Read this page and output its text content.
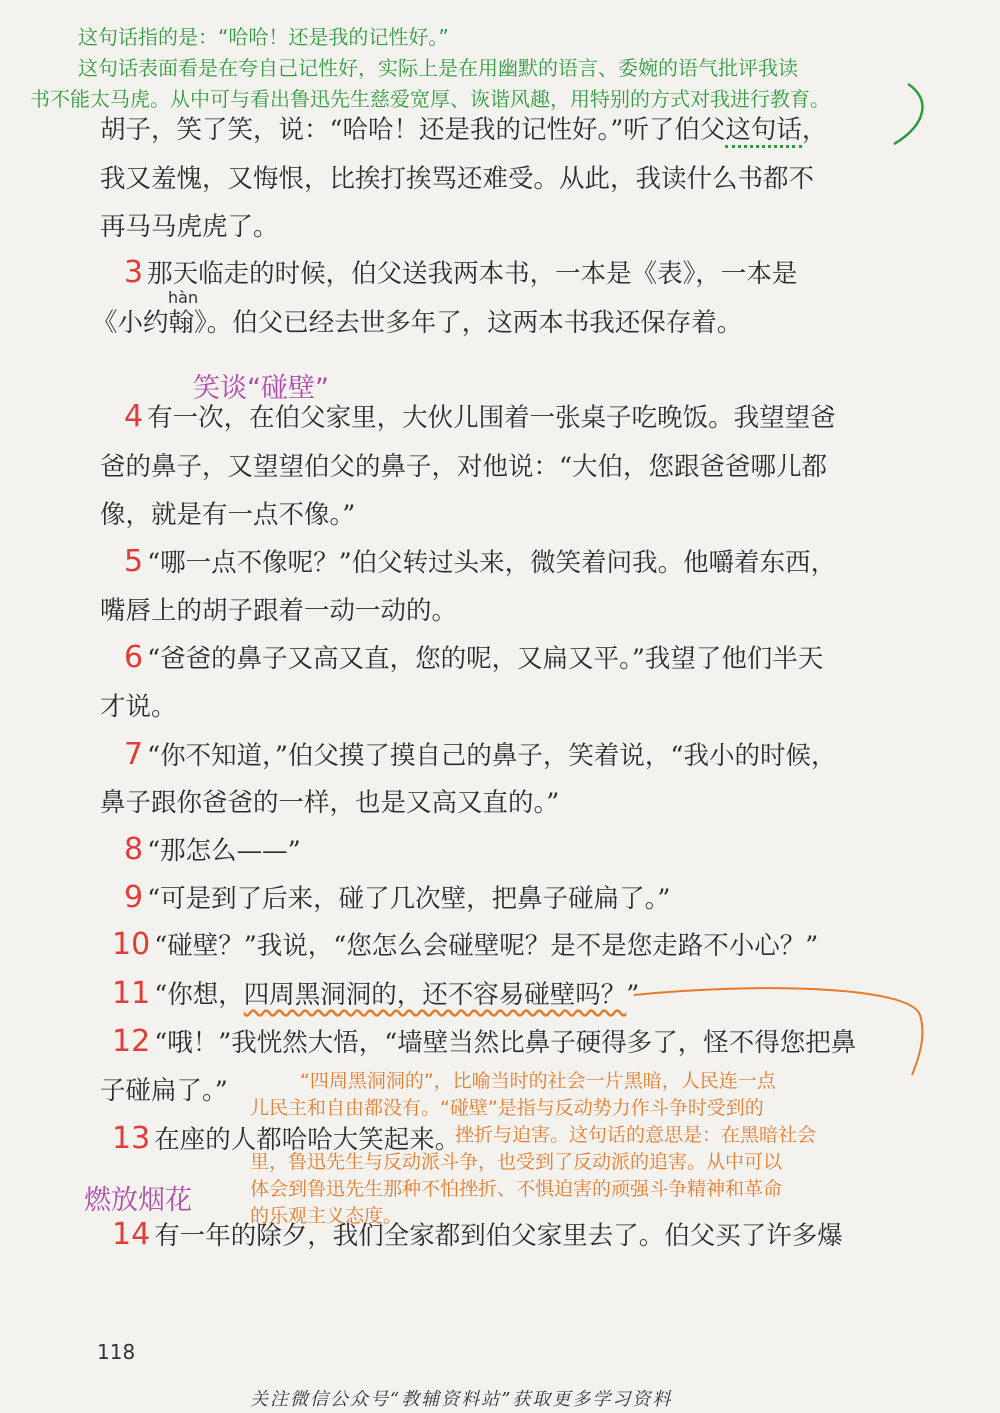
这句话指的是：“哈哈！还是我的记性好。”
这句话表面看是在夸自己记性好，实际上是在用幽默的语言、委婉的语气批评我读
书不能太马虎。从中可与看出鲁迅先生慈爱宽厚、诙谐风趣，用特别的方式对我进行教育。
胡子，笑了笑，说：“哈哈！还是我的记性好。”听了伯父这句话，
我又羞愧，又悔恨，比挨打挨骂还难受。从此，我读什么书都不
再马马虎虎了。
3 那天临走的时候，伯父送我两本书，一本是《表》，一本是
hàn
《小约翰》。伯父已经去世多年了，这两本书我还保存着。
笑谈“碰壁”
4 有一次，在伯父家里，大伙儿围着一张桌子吃晚饭。我望望爸
爸的鼻子，又望望伯父的鼻子，对他说：“大伯，您跟爸爸哪儿都
像，就是有一点不像。”
5 “哪一点不像呢？”伯父转过头来，微笑着问我。他嚼着东西，
嘴唇上的胡子跟着一动一动的。
6 “爸爸的鼻子又高又直，您的呢，又扁又平。”我望了他们半天
才说。
7 “你不知道，”伯父摸了摸自己的鼻子，笑着说，“我小的时候，
鼻子跟你爸爸的一样，也是又高又直的。”
8 “那怎么——”
9 “可是到了后来，碰了几次壁，把鼻子碰扁了。”
10 “碰壁？”我说，“您怎么会碰壁呢？是不是您走路不小心？”
11 “你想，四周黑洞洞的，还不容易碰壁吗？”
12 “哦！”我恍然大悟，“墙壁当然比鼻子硬得多了，怪不得您把鼻
子碰扁了。”
13 在座的人都哈哈大笑起来。
燃放烟花
14 有一年的除夕，我们全家都到伯父家里去了。伯父买了许多爆
“四周黑洞洞的”，比喻当时的社会一片黑暗，人民连一点
儿民主和自由都没有。“碰壁”是指与反动势力作斗争时受到的
挫折与迫害。这句话的意思是：在黑暗社会
里，鲁迅先生与反动派斗争，也受到了反动派的追害。从中可以
体会到鲁迅先生那种不怕挫折、不惧迫害的顽强斗争精神和革命
的乐观主义态度。
118
关注微信公众号“教辅资料站”获取更多学习资料
